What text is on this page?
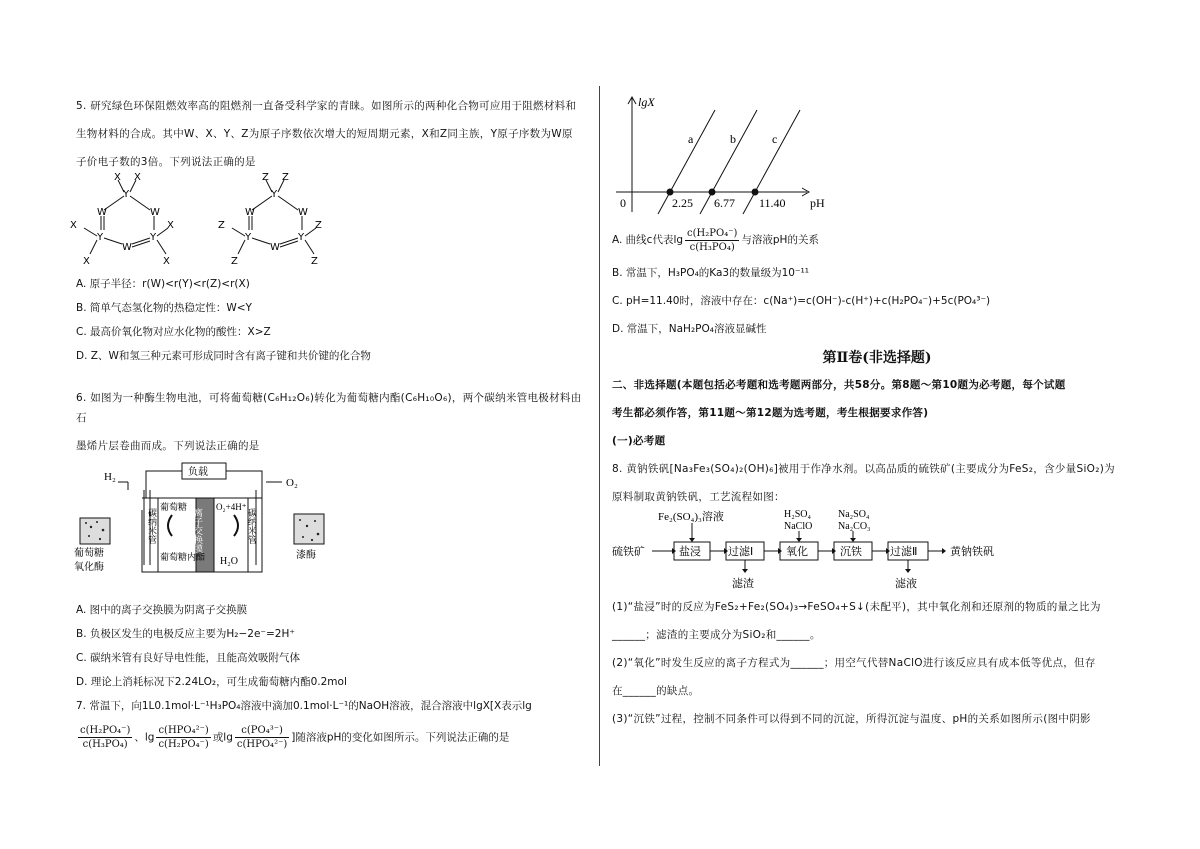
5. 研究绿色环保阻燃效率高的阻燃剂一直备受科学家的青睐。如图所示的两种化合物可应用于阻燃材料和

生物材料的合成。其中W、X、Y、Z为原子序数依次增大的短周期元素，X和Z同主族，Y原子序数为W原

子价电子数的3倍。下列说法正确的是

Y
X X
W	W
X
Y
W
Y
X
X	X
Y
Z Z
W	W
Z
Y
W
Y
Z
Z	Z

A. 原子半径：r(W)<r(Y)<r(Z)<r(X)

B. 简单气态氢化物的热稳定性：W<Y

C. 最高价氧化物对应水化物的酸性：X>Z

D. Z、W和氢三种元素可形成同时含有离子键和共价键的化合物

6. 如图为一种酶生物电池，可将葡萄糖(C₆H₁₂O₆)转化为葡萄糖内酯(C₆H₁₀O₆)，两个碳纳米管电极材料由石

墨烯片层卷曲而成。下列说法正确的是

负载
H₂	O₂
葡萄糖
葡萄糖内酯
O₂+4H⁺
H₂O
葡萄糖
氧化酶
漆酶
离子交换膜
碳纳米管	碳纳米管

A. 图中的离子交换膜为阴离子交换膜

B. 负极区发生的电极反应主要为H₂−2e⁻=2H⁺

C. 碳纳米管有良好导电性能，且能高效吸附气体

D. 理论上消耗标况下2.24LO₂，可生成葡萄糖内酯0.2mol

7. 常温下，向1L0.1mol·L⁻¹H₃PO₄溶液中滴加0.1mol·L⁻¹的NaOH溶液，混合溶液中lgX[X表示lg

$\frac{\text{c(H₂PO₄⁻)}}{\text{c(H₃PO₄)}}$ 、$\lg \frac{\text{c(HPO₄²⁻)}}{\text{c(H₂PO₄⁻)}}$ 或$\lg \frac{\text{c(PO₄³⁻)}}{\text{c(HPO₄²⁻)}}$ ]随溶液pH的变化如图所示。下列说法正确的是
lgX
pH
0
a	b	c
2.25 6.77 11.40
A. 曲线c代表$\lg \frac{\text{c(H₂PO₄⁻)}}{\text{c(H₃PO₄)}}$ 与溶液pH的关系

B. 常温下，H₃PO₄的Ka3的数量级为10⁻¹¹

C. pH=11.40时，溶液中存在：c(Na⁺)=c(OH⁻)-c(H⁺)+c(H₂PO₄⁻)+5c(PO₄³⁻)

D. 常温下，NaH₂PO₄溶液显碱性

第Ⅱ卷(非选择题)

二、非选择题(本题包括必考题和选考题两部分，共58分。第8题～第10题为必考题，每个试题

考生都必须作答，第11题～第12题为选考题，考生根据要求作答)

(一)必考题

8. 黄钠铁矾[Na₃Fe₃(SO₄)₂(OH)₆]被用于作净水剂。以高品质的硫铁矿(主要成分为FeS₂，含少量SiO₂)为

原料制取黄钠铁矾，工艺流程如图：

硫铁矿	盐浸 过滤Ⅰ	氧化	沉铁	过滤Ⅱ	黄钠铁矾
Fe₂(SO₄)₃溶液	H₂SO₄
NaClO
Na₂SO₄
Na₂CO₃
滤渣	滤液

(1)“盐浸”时的反应为FeS₂+Fe₂(SO₄)₃→FeSO₄+S↓(未配平)，其中氧化剂和还原剂的物质的量之比为

______；滤渣的主要成分为SiO₂和______。

(2)“氧化”时发生反应的离子方程式为______；用空气代替NaClO进行该反应具有成本低等优点，但存

在______的缺点。

(3)“沉铁”过程，控制不同条件可以得到不同的沉淀，所得沉淀与温度、pH的关系如图所示(图中阴影
